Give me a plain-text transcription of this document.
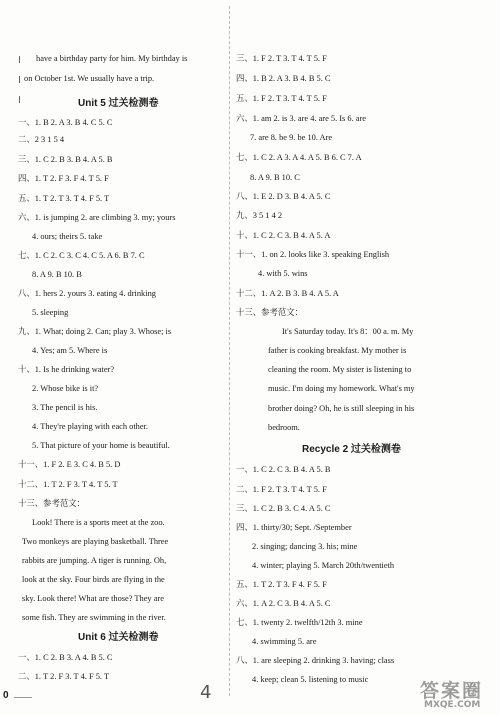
have a birthday party for him. My birthday is
on October 1st. We usually have a trip.
Unit 5 过关检测卷
一、1. B 2. A 3. B 4. C 5. C
二、2 3 1 5 4
三、1. C 2. B 3. B 4. A 5. B
四、1. T 2. F 3. F 4. T 5. F
五、1. T 2. T 3. T 4. F 5. T
六、1. is jumping 2. are climbing 3. my; yours
4. ours; theirs 5. take
七、1. C 2. C 3. C 4. C 5. A 6. B 7. C
8. A 9. B 10. B
八、1. hers 2. yours 3. eating 4. drinking
5. sleeping
九、1. What; doing 2. Can; play 3. Whose; is
4. Yes; am 5. Where is
十、1. Is he drinking water?
2. Whose bike is it?
3. The pencil is his.
4. They're playing with each other.
5. That picture of your home is beautiful.
十一、1. F 2. E 3. C 4. B 5. D
十二、1. T 2. F 3. T 4. T 5. T
十三、参考范文：
Look! There is a sports meet at the zoo.
Two monkeys are playing basketball. Three
rabbits are jumping. A tiger is running. Oh,
look at the sky. Four birds are flying in the
sky. Look there! What are those? They are
some fish. They are swimming in the river.
Unit 6 过关检测卷
一、1. C 2. B 3. A 4. B 5. C
二、1. T 2. F 3. T 4. F 5. T
三、1. F 2. T 3. T 4. T 5. F
四、1. B 2. A 3. B 4. B 5. C
五、1. F 2. T 3. T 4. T 5. F
六、1. am 2. is 3. are 4. are 5. Is 6. are
7. are 8. be 9. be 10. Are
七、1. C 2. A 3. A 4. A 5. B 6. C 7. A
8. A 9. B 10. C
八、1. E 2. D 3. B 4. A 5. C
九、3 5 1 4 2
十、1. C 2. C 3. B 4. A 5. A
十一、1. on 2. looks like 3. speaking English
4. with 5. wins
十二、1. A 2. B 3. B 4. A 5. A
十三、参考范文：
It's Saturday today. It's 8：00 a. m. My
father is cooking breakfast. My mother is
cleaning the room. My sister is listening to
music. I'm doing my homework. What's my
brother doing? Oh, he is still sleeping in his
bedroom.
Recycle 2 过关检测卷
一、1. C 2. C 3. B 4. A 5. B
二、1. F 2. T 3. T 4. T 5. F
三、1. C 2. B 3. C 4. A 5. C
四、1. thirty/30; Sept. /September
2. singing; dancing 3. his; mine
4. winter; playing 5. March 20th/twentieth
五、1. T 2. T 3. F 4. F 5. F
六、1. A 2. C 3. B 4. A 5. C
七、1. twenty 2. twelfth/12th 3. mine
4. swimming 5. are
八、1. are sleeping 2. drinking 3. having; class
4. keep; clean 5. listening to music
0	4	答案圈
MXQE.COM
